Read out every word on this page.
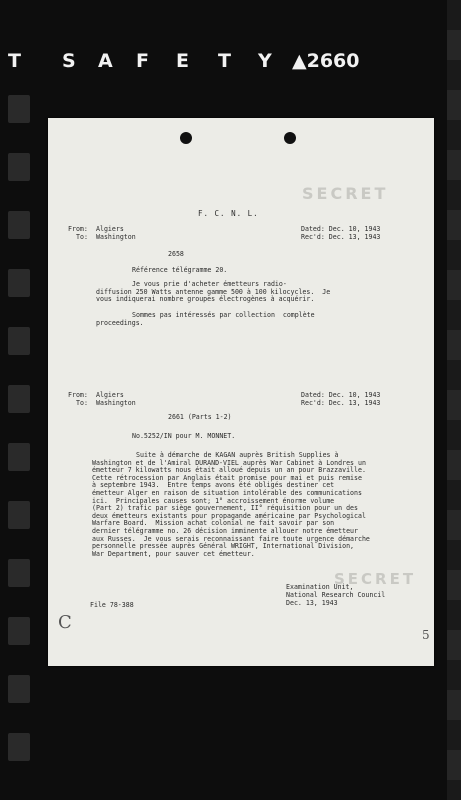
T S A F E T Y ▲2660
SECRET
F. C. N. L.
From: Algiers
To: Washington
Dated: Dec. 10, 1943
Rec'd: Dec. 13, 1943
2658
Référence télégramme 20.
Je vous prie d'acheter émetteurs radio-
diffusion 250 Watts antenne gamme 500 à 100 kilocycles.  Je
vous indiquerai nombre groupes électrogènes à acquérir.
Sommes pas intéressés par collection  complète
proceedings.
From: Algiers
To: Washington
Dated: Dec. 10, 1943
Rec'd: Dec. 13, 1943
2661 (Parts 1-2)
No.5252/IN pour M. MONNET.
Suite à démarche de KAGAN auprès British Supplies à
Washington et de l'Amiral DURAND-VIEL auprès War Cabinet à Londres un
émetteur 7 kilowatts nous était alloué depuis un an pour Brazzaville.
Cette rétrocession par Anglais était promise pour mai et puis remise
à septembre 1943.  Entre temps avons été obligés destiner cet
émetteur Alger en raison de situation intolérable des communications
ici.  Principales causes sont; 1° accroissement énorme volume
(Part 2) trafic par siège gouvernement, II° réquisition pour un des
deux émetteurs existants pour propagande américaine par Psychological
Warfare Board.  Mission achat colonial ne fait savoir par son
dernier télégramme no. 26 décision imminente allouer notre émetteur
aux Russes.  Je vous serais reconnaissant faire toute urgence démarche
personnelle pressée auprès Général WRIGHT, International Division,
War Department, pour sauver cet émetteur.
SECRET
Examination Unit,
National Research Council
Dec. 13, 1943
File 78-388
C
5
